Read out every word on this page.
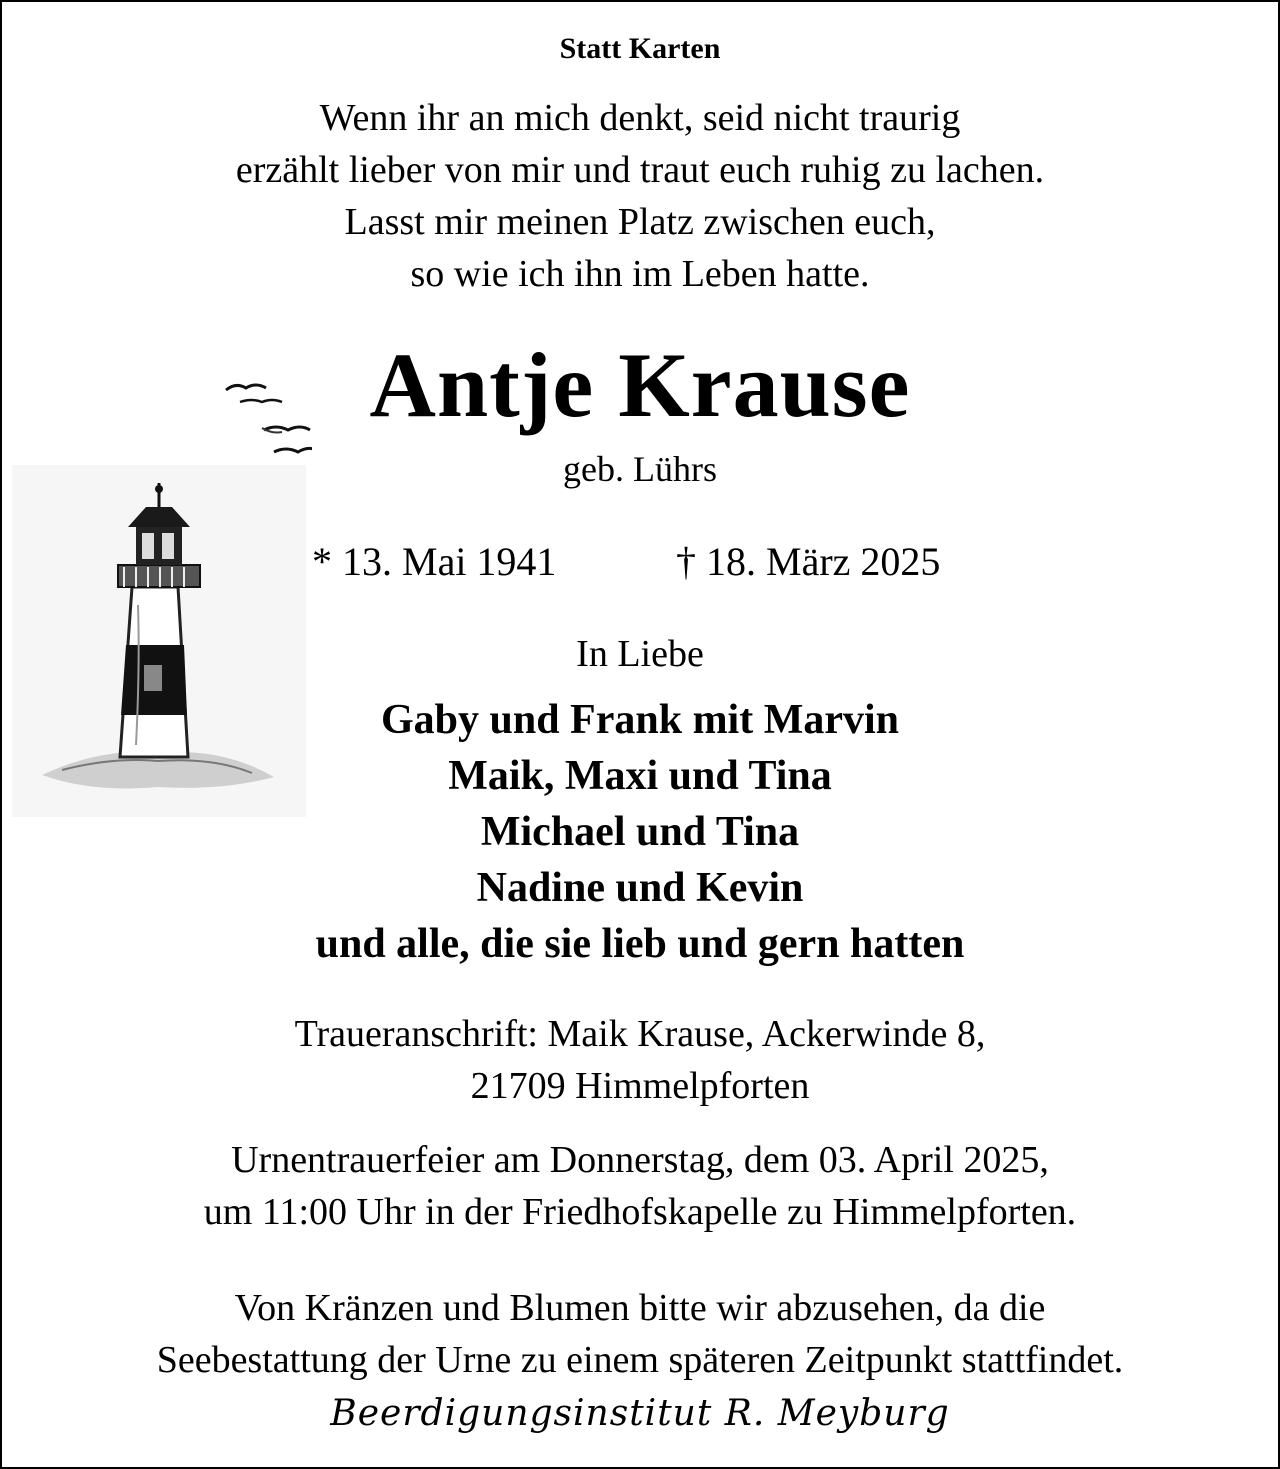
Statt Karten
Wenn ihr an mich denkt, seid nicht traurig
erzählt lieber von mir und traut euch ruhig zu lachen.
Lasst mir meinen Platz zwischen euch,
so wie ich ihn im Leben hatte.
Antje Krause
geb. Lührs
* 13. Mai 1941	† 18. März 2025
In Liebe
Gaby und Frank mit Marvin
Maik, Maxi und Tina
Michael und Tina
Nadine und Kevin
und alle, die sie lieb und gern hatten
Traueranschrift: Maik Krause, Ackerwinde 8,
21709 Himmelpforten
Urnentrauerfeier am Donnerstag, dem 03. April 2025,
um 11:00 Uhr in der Friedhofskapelle zu Himmelpforten.
Von Kränzen und Blumen bitte wir abzusehen, da die
Seebestattung der Urne zu einem späteren Zeitpunkt stattfindet.
Beerdigungsinstitut R. Meyburg
